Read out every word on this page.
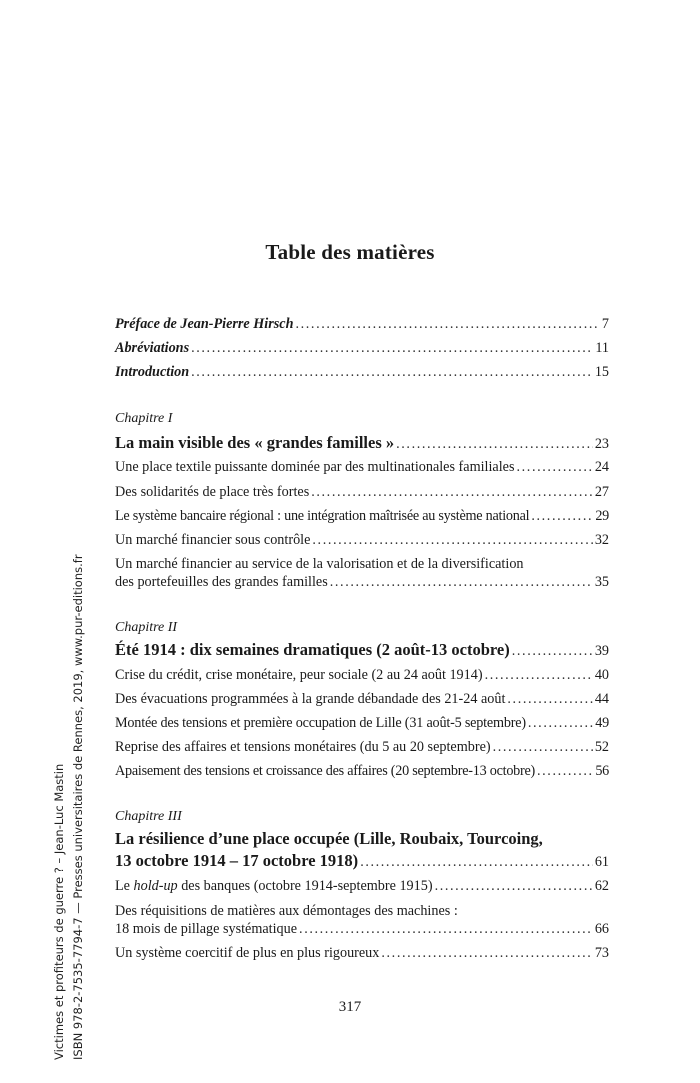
Table des matières
Préface de Jean-Pierre Hirsch .....	7
Abréviations .....	11
Introduction .....	15
Chapitre I
La main visible des « grandes familles » .....	23
Une place textile puissante dominée par des multinationales familiales .....	24
Des solidarités de place très fortes .....	27
Le système bancaire régional : une intégration maîtrisée au système national .....	29
Un marché financier sous contrôle .....	32
Un marché financier au service de la valorisation et de la diversification
des portefeuilles des grandes familles .....	35
Chapitre II
Été 1914 : dix semaines dramatiques (2 août-13 octobre) .....	39
Crise du crédit, crise monétaire, peur sociale (2 au 24 août 1914) .....	40
Des évacuations programmées à la grande débandade des 21-24 août .....	44
Montée des tensions et première occupation de Lille (31 août-5 septembre) .....	49
Reprise des affaires et tensions monétaires (du 5 au 20 septembre) .....	52
Apaisement des tensions et croissance des affaires (20 septembre-13 octobre) .....	56
Chapitre III
La résilience d’une place occupée (Lille, Roubaix, Tourcoing,
13 octobre 1914 – 17 octobre 1918) .....	61
Le hold-up des banques (octobre 1914-septembre 1915) .....	62
Des réquisitions de matières aux démontages des machines :
18 mois de pillage systématique .....	66
Un système coercitif de plus en plus rigoureux .....	73
317
Victimes et profiteurs de guerre ? – Jean-Luc Mastin ISBN 978-2-7535-7794-7 — Presses universitaires de Rennes, 2019, www.pur-editions.fr
